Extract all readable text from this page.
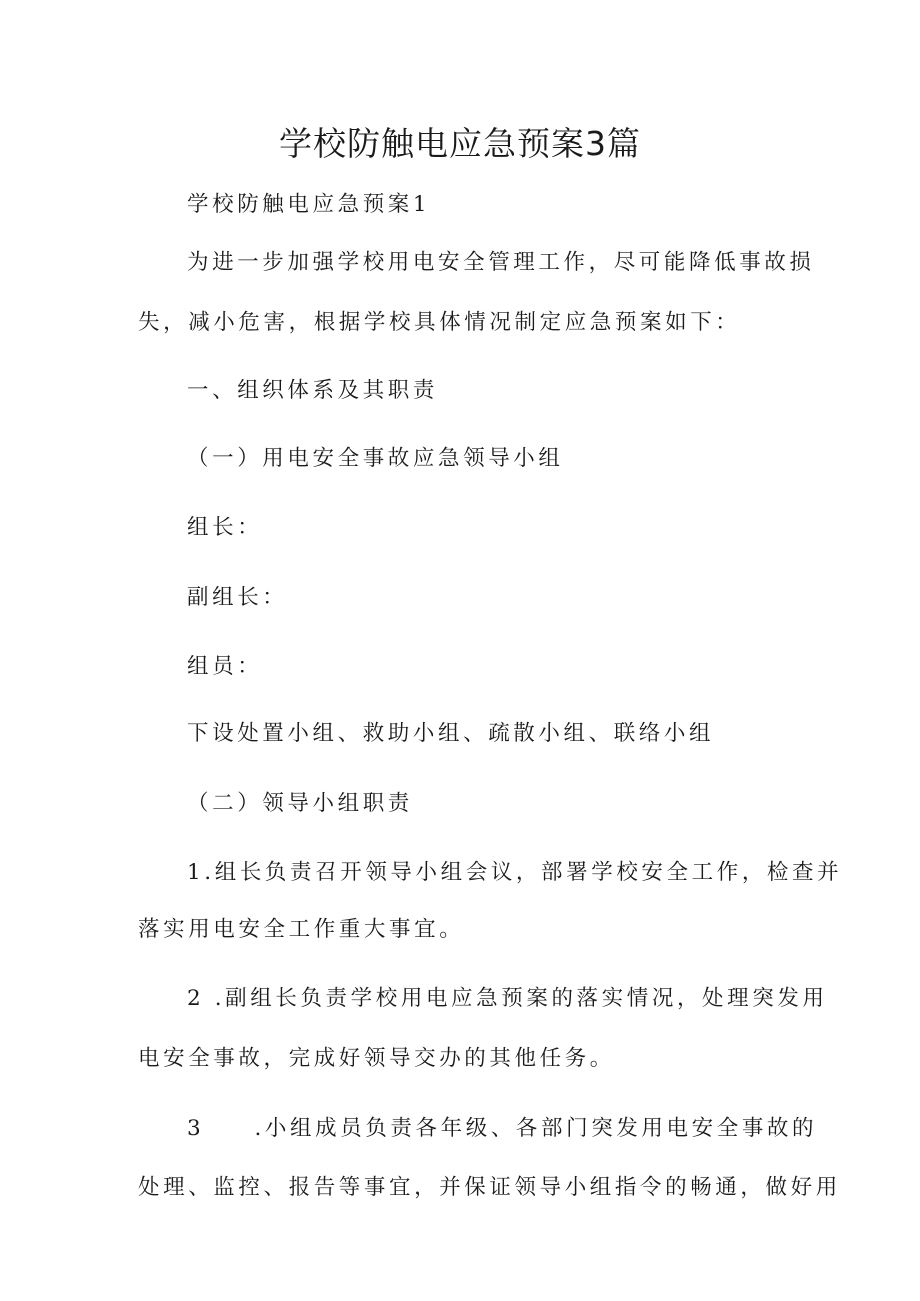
学校防触电应急预案3篇
学校防触电应急预案1
为进一步加强学校用电安全管理工作，尽可能降低事故损
失，减小危害，根据学校具体情况制定应急预案如下：
一、组织体系及其职责
（一）用电安全事故应急领导小组
组长：
副组长：
组员：
下设处置小组、救助小组、疏散小组、联络小组
（二）领导小组职责
1.组长负责召开领导小组会议，部署学校安全工作，检查并
落实用电安全工作重大事宜。
2 .副组长负责学校用电应急预案的落实情况，处理突发用
电安全事故，完成好领导交办的其他任务。
3　　.小组成员负责各年级、各部门突发用电安全事故的
处理、监控、报告等事宜，并保证领导小组指令的畅通，做好用
